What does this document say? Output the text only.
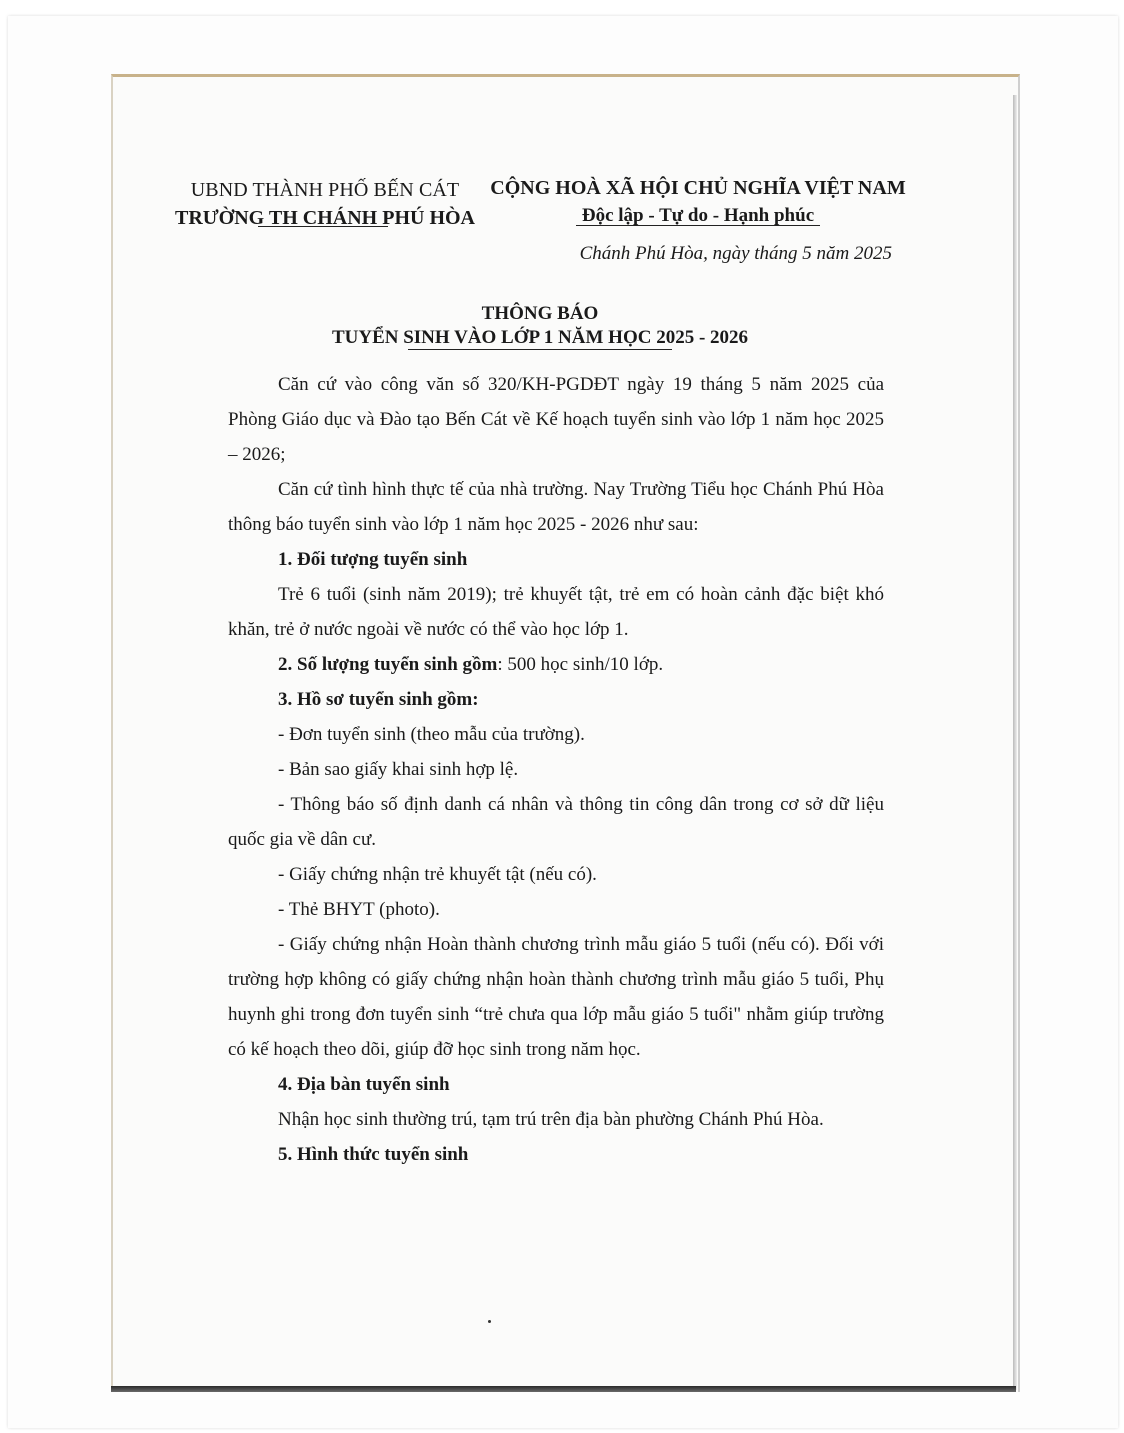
UBND THÀNH PHỐ BẾN CÁT
TRƯỜNG TH CHÁNH PHÚ HÒA
CỘNG HOÀ XÃ HỘI CHỦ NGHĨA VIỆT NAM
Độc lập - Tự do - Hạnh phúc
Chánh Phú Hòa, ngày tháng 5 năm 2025
THÔNG BÁO
TUYỂN SINH VÀO LỚP 1 NĂM HỌC 2025 - 2026

Căn cứ vào công văn số 320/KH-PGDĐT ngày 19 tháng 5 năm 2025 của Phòng Giáo dục và Đào tạo Bến Cát về Kế hoạch tuyển sinh vào lớp 1 năm học 2025 – 2026;

Căn cứ tình hình thực tế của nhà trường. Nay Trường Tiểu học Chánh Phú Hòa thông báo tuyển sinh vào lớp 1 năm học 2025 - 2026 như sau:

1. Đối tượng tuyển sinh

Trẻ 6 tuổi (sinh năm 2019); trẻ khuyết tật, trẻ em có hoàn cảnh đặc biệt khó khăn, trẻ ở nước ngoài về nước có thể vào học lớp 1.

2. Số lượng tuyển sinh gồm: 500 học sinh/10 lớp.

3. Hồ sơ tuyển sinh gồm:

- Đơn tuyển sinh (theo mẫu của trường).

- Bản sao giấy khai sinh hợp lệ.

- Thông báo số định danh cá nhân và thông tin công dân trong cơ sở dữ liệu quốc gia về dân cư.

- Giấy chứng nhận trẻ khuyết tật (nếu có).

- Thẻ BHYT (photo).

- Giấy chứng nhận Hoàn thành chương trình mẫu giáo 5 tuổi (nếu có). Đối với trường hợp không có giấy chứng nhận hoàn thành chương trình mẫu giáo 5 tuổi, Phụ huynh ghi trong đơn tuyển sinh “trẻ chưa qua lớp mẫu giáo 5 tuổi" nhằm giúp trường có kế hoạch theo dõi, giúp đỡ học sinh trong năm học.

4. Địa bàn tuyển sinh

Nhận học sinh thường trú, tạm trú trên địa bàn phường Chánh Phú Hòa.

5. Hình thức tuyển sinh
